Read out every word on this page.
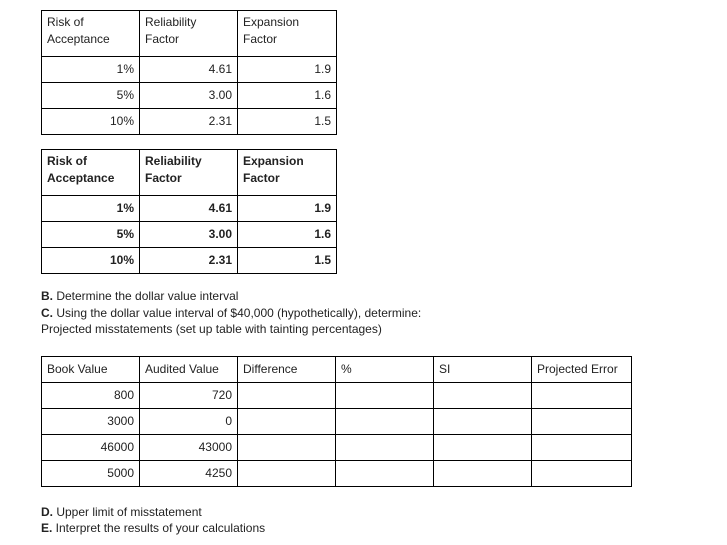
Risk of Acceptance	Reliability Factor	Expansion Factor
1%	4.61	1.9
5%	3.00	1.6
10%	2.31	1.5
Risk of Acceptance	Reliability Factor	Expansion Factor
1%	4.61	1.9
5%	3.00	1.6
10%	2.31	1.5
B. Determine the dollar value interval
C. Using the dollar value interval of $40,000 (hypothetically), determine:
Projected misstatements (set up table with tainting percentages)
Book Value	Audited Value	Difference	%	SI	Projected Error
800	720				
3000	0				
46000	43000				
5000	4250				
D. Upper limit of misstatement
E. Interpret the results of your calculations
